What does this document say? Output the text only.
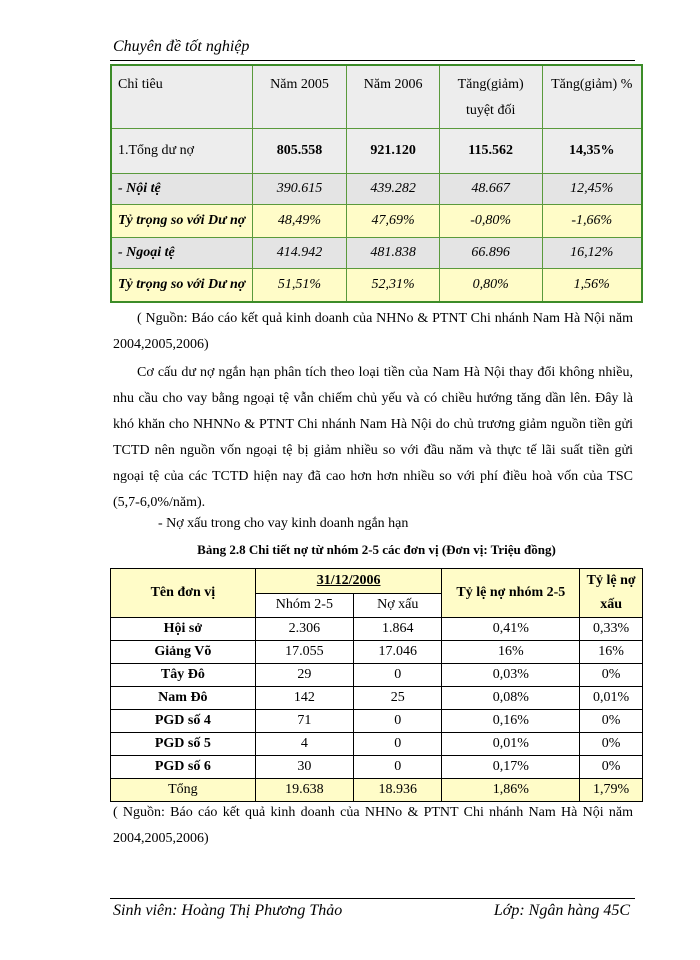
Chuyên đề tốt nghiệp
Chỉ tiêu	Năm 2005	Năm 2006	Tăng(giảm) tuyệt đối	Tăng(giảm) %
1.Tổng dư nợ	805.558	921.120	115.562	14,35%
- Nội tệ	390.615	439.282	48.667	12,45%
Tỷ trọng so với Dư nợ	48,49%	47,69%	-0,80%	-1,66%
- Ngoại tệ	414.942	481.838	66.896	16,12%
Tỷ trọng so với Dư nợ	51,51%	52,31%	0,80%	1,56%
( Nguồn: Báo cáo kết quả kinh doanh của NHNo & PTNT Chi nhánh Nam Hà Nội năm 2004,2005,2006)
Cơ cấu dư nợ ngắn hạn phân tích theo loại tiền của Nam Hà Nội thay đổi không nhiều, nhu cầu cho vay bằng ngoại tệ vẫn chiếm chủ yếu và có chiều hướng tăng dần lên. Đây là khó khăn cho NHNNo & PTNT Chi nhánh Nam Hà Nội do chủ trương giảm nguồn tiền gửi TCTD nên nguồn vốn ngoại tệ bị giảm nhiều so với đầu năm và thực tế lãi suất tiền gửi ngoại tệ của các TCTD hiện nay đã cao hơn hơn nhiều so với phí điều hoà vốn của TSC (5,7-6,0%/năm).
- Nợ xấu trong cho vay kinh doanh ngắn hạn
Bảng 2.8 Chi tiết nợ từ nhóm 2-5 các đơn vị (Đơn vị: Triệu đồng)
Tên đơn vị	31/12/2006		Tỷ lệ nợ nhóm 2-5	Tỷ lệ nợ xấu
	Nhóm 2-5	Nợ xấu		
Hội sở	2.306	1.864	0,41%	0,33%
Giảng Võ	17.055	17.046	16%	16%
Tây Đô	29	0	0,03%	0%
Nam Đô	142	25	0,08%	0,01%
PGD số 4	71	0	0,16%	0%
PGD số 5	4	0	0,01%	0%
PGD số 6	30	0	0,17%	0%
Tổng	19.638	18.936	1,86%	1,79%
( Nguồn: Báo cáo kết quả kinh doanh của NHNo & PTNT Chi nhánh Nam Hà Nội năm 2004,2005,2006)
Sinh viên: Hoàng Thị Phương Thảo	Lớp: Ngân hàng 45C
